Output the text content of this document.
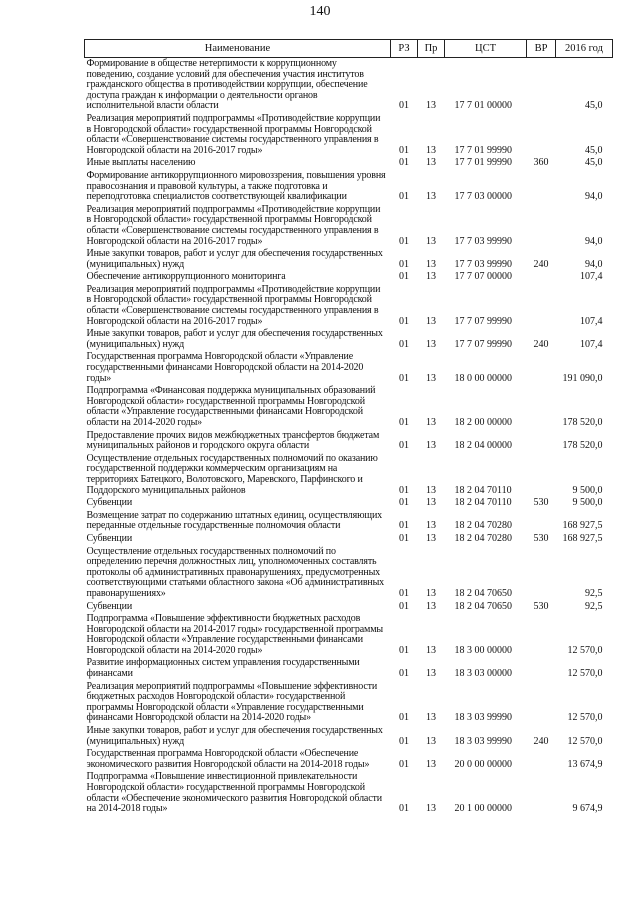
140
Наименование	РЗ	Пр	ЦСТ	ВР	2016 год
Формирование в обществе нетерпимости к коррупционному поведению, создание условий для обеспечения участия институтов гражданского общества в противодействии коррупции, обеспечение доступа граждан к информации о деятельности органов исполнительной власти области	01	13	17 7 01 00000		45,0
Реализация мероприятий подпрограммы «Противодействие коррупции в Новгородской области» государственной программы Новгородской области «Совершенствование системы государственного управления в Новгородской области на 2016-2017 годы»	01	13	17 7 01 99990		45,0
Иные выплаты населению	01	13	17 7 01 99990	360	45,0
Формирование антикоррупционного мировоззрения, повышения уровня правосознания и правовой культуры, а также подготовка и переподготовка специалистов соответствующей квалификации	01	13	17 7 03 00000		94,0
Реализация мероприятий подпрограммы «Противодействие коррупции в Новгородской области» государственной программы Новгородской области «Совершенствование системы государственного управления в Новгородской области на 2016-2017 годы»	01	13	17 7 03 99990		94,0
Иные закупки товаров, работ и услуг для обеспечения государственных (муниципальных) нужд	01	13	17 7 03 99990	240	94,0
Обеспечение антикоррупционного мониторинга	01	13	17 7 07 00000		107,4
Реализация мероприятий подпрограммы «Противодействие коррупции в Новгородской области» государственной программы Новгородской области «Совершенствование системы государственного управления в Новгородской области на 2016-2017 годы»	01	13	17 7 07 99990		107,4
Иные закупки товаров, работ и услуг для обеспечения государственных (муниципальных) нужд	01	13	17 7 07 99990	240	107,4
Государственная программа Новгородской области «Управление государственными финансами Новгородской области на 2014-2020 годы»	01	13	18 0 00 00000		191 090,0
Подпрограмма «Финансовая поддержка муниципальных образований Новгородской области» государственной программы Новгородской области «Управление государственными финансами Новгородской области на 2014-2020 годы»	01	13	18 2 00 00000		178 520,0
Предоставление прочих видов межбюджетных трансфертов бюджетам муниципальных районов и городского округа области	01	13	18 2 04 00000		178 520,0
Осуществление отдельных государственных полномочий по оказанию государственной поддержки коммерческим организациям на территориях Батецкого, Волотовского, Маревского, Парфинского и Поддорского муниципальных районов	01	13	18 2 04 70110		9 500,0
Субвенции	01	13	18 2 04 70110	530	9 500,0
Возмещение затрат по содержанию штатных единиц, осуществляющих переданные отдельные государственные полномочия области	01	13	18 2 04 70280		168 927,5
Субвенции	01	13	18 2 04 70280	530	168 927,5
Осуществление отдельных государственных полномочий по определению перечня должностных лиц, уполномоченных составлять протоколы об административных правонарушениях, предусмотренных соответствующими статьями областного закона «Об административных правонарушениях»	01	13	18 2 04 70650		92,5
Субвенции	01	13	18 2 04 70650	530	92,5
Подпрограмма «Повышение эффективности бюджетных расходов Новгородской области на 2014-2017 годы» государственной программы Новгородской области «Управление государственными финансами Новгородской области на 2014-2020 годы»	01	13	18 3 00 00000		12 570,0
Развитие информационных систем управления государственными финансами	01	13	18 3 03 00000		12 570,0
Реализация мероприятий подпрограммы «Повышение эффективности бюджетных расходов Новгородской области» государственной программы Новгородской области «Управление государственными финансами Новгородской области на 2014-2020 годы»	01	13	18 3 03 99990		12 570,0
Иные закупки товаров, работ и услуг для обеспечения государственных (муниципальных) нужд	01	13	18 3 03 99990	240	12 570,0
Государственная программа Новгородской области «Обеспечение экономического развития Новгородской области на 2014-2018 годы»	01	13	20 0 00 00000		13 674,9
Подпрограмма «Повышение инвестиционной привлекательности Новгородской области» государственной программы Новгородской области «Обеспечение экономического развития Новгородской области на 2014-2018 годы»	01	13	20 1 00 00000		9 674,9
